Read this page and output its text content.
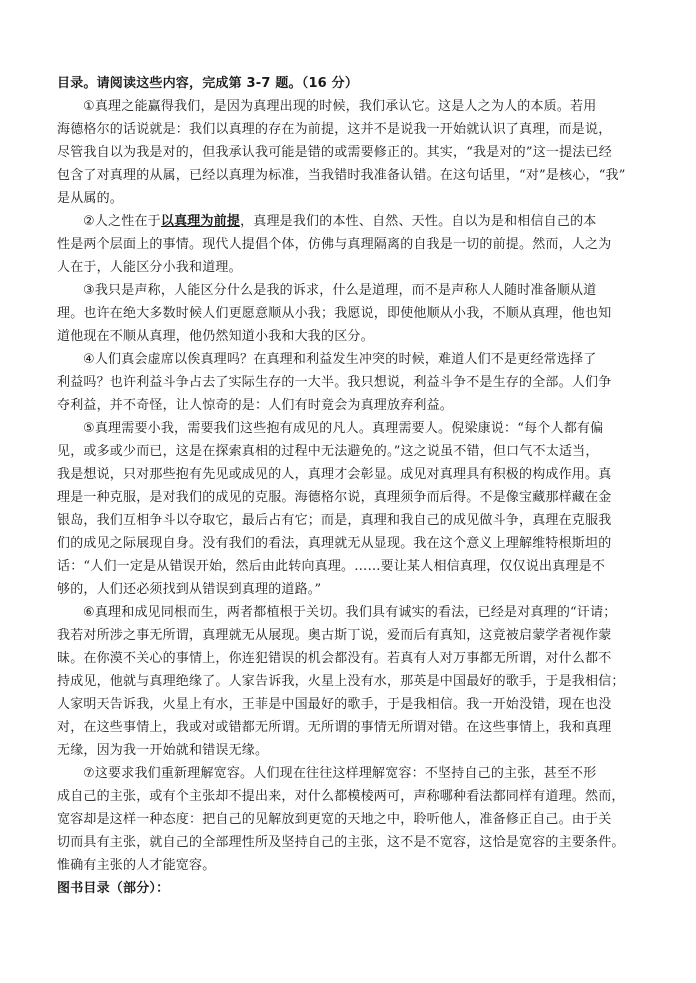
目录。请阅读这些内容，完成第 3-7 题。（16 分）
①真理之能赢得我们，是因为真理出现的时候，我们承认它。这是人之为人的本质。若用
海德格尔的话说就是：我们以真理的存在为前提，这并不是说我一开始就认识了真理，而是说，
尽管我自以为我是对的，但我承认我可能是错的或需要修正的。其实，“我是对的”这一提法已经
包含了对真理的从属，已经以真理为标准，当我错时我准备认错。在这句话里，“对”是核心，“我”
是从属的。
②人之性在于以真理为前提，真理是我们的本性、自然、天性。自以为是和相信自己的本
性是两个层面上的事情。现代人提倡个体，仿佛与真理隔离的自我是一切的前提。然而，人之为
人在于，人能区分小我和道理。
③我只是声称，人能区分什么是我的诉求，什么是道理，而不是声称人人随时准备顺从道
理。也许在绝大多数时候人们更愿意顺从小我；我愿说，即使他顺从小我，不顺从真理，他也知
道他现在不顺从真理，他仍然知道小我和大我的区分。
④人们真会虚席以俟真理吗？在真理和利益发生冲突的时候，难道人们不是更经常选择了
利益吗？也许利益斗争占去了实际生存的一大半。我只想说，利益斗争不是生存的全部。人们争
夺利益，并不奇怪，让人惊奇的是：人们有时竟会为真理放弃利益。
⑤真理需要小我，需要我们这些抱有成见的凡人。真理需要人。倪梁康说：“每个人都有偏
见，或多或少而已，这是在探索真相的过程中无法避免的。”这之说虽不错，但口气不太适当，
我是想说，只对那些抱有先见或成见的人，真理才会彰显。成见对真理具有积极的构成作用。真
理是一种克服，是对我们的成见的克服。海德格尔说，真理须争而后得。不是像宝藏那样藏在金
银岛，我们互相争斗以夺取它，最后占有它；而是，真理和我自己的成见做斗争，真理在克服我
们的成见之际展现自身。没有我们的看法，真理就无从显现。我在这个意义上理解维特根斯坦的
话：“人们一定是从错误开始，然后由此转向真理。……要让某人相信真理，仅仅说出真理是不
够的，人们还必须找到从错误到真理的道路。”
⑥真理和成见同根而生，两者都植根于关切。我们具有诚实的看法，已经是对真理的“讦请；
我若对所涉之事无所谓，真理就无从展现。奥古斯丁说，爱而后有真知，这竟被启蒙学者视作蒙
昧。在你漠不关心的事情上，你连犯错误的机会都没有。若真有人对万事都无所谓，对什么都不
持成见，他就与真理绝缘了。人家告诉我，火星上没有水，那英是中国最好的歌手，于是我相信；
人家明天告诉我，火星上有水，王菲是中国最好的歌手，于是我相信。我一开始没错，现在也没
对，在这些事情上，我或对或错都无所谓。无所谓的事情无所谓对错。在这些事情上，我和真理
无缘，因为我一开始就和错误无缘。
⑦这要求我们重新理解宽容。人们现在往往这样理解宽容：不坚持自己的主张，甚至不形
成自己的主张，或有个主张却不提出来，对什么都模棱两可，声称哪种看法都同样有道理。然而，
宽容却是这样一种态度：把自己的见解放到更宽的天地之中，聆听他人，准备修正自己。由于关
切而具有主张，就自己的全部理性所及坚持自己的主张，这不是不宽容，这恰是宽容的主要条件。
惟确有主张的人才能宽容。
图书目录（部分）：
